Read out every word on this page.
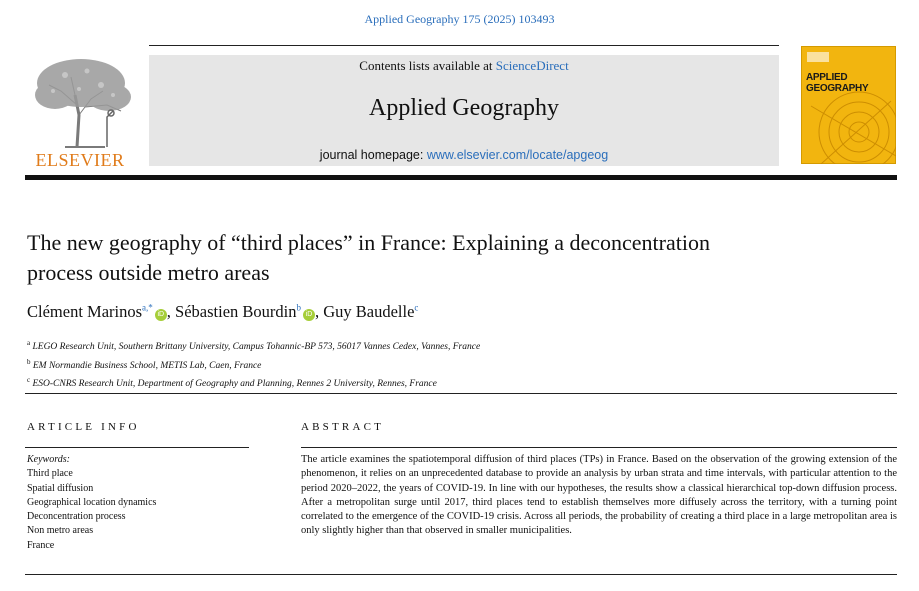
Applied Geography 175 (2025) 103493
ELSEVIER
Contents lists available at ScienceDirect
Applied Geography
journal homepage: www.elsevier.com/locate/apgeog
APPLIED
GEOGRAPHY
The new geography of “third places” in France: Explaining a deconcentration process outside metro areas
Clément Marinos$^{a,*}$iD , Sébastien Bourdin$^b$iD , Guy Baudelle$^c$
$^a$ LEGO Research Unit, Southern Brittany University, Campus Tohannic-BP 573, 56017 Vannes Cedex, Vannes, France
$^b$ EM Normandie Business School, METIS Lab, Caen, France
$^c$ ESO-CNRS Research Unit, Department of Geography and Planning, Rennes 2 University, Rennes, France
ARTICLE INFO
Keywords:
Third place
Spatial diffusion
Geographical location dynamics
Deconcentration process
Non metro areas
France
ABSTRACT
The article examines the spatiotemporal diffusion of third places (TPs) in France. Based on the observation of the growing extension of the phenomenon, it relies on an unprecedented database to provide an analysis by urban strata and time intervals, with particular attention to the period 2020–2022, the years of COVID-19. In line with our hypotheses, the results show a classical hierarchical top-down diffusion process. After a metropolitan surge until 2017, third places tend to establish themselves more diffusely across the territory, with a turning point correlated to the emergence of the COVID-19 crisis. Across all periods, the probability of creating a third place in a large metropolitan area is only slightly higher than that observed in smaller municipalities.
